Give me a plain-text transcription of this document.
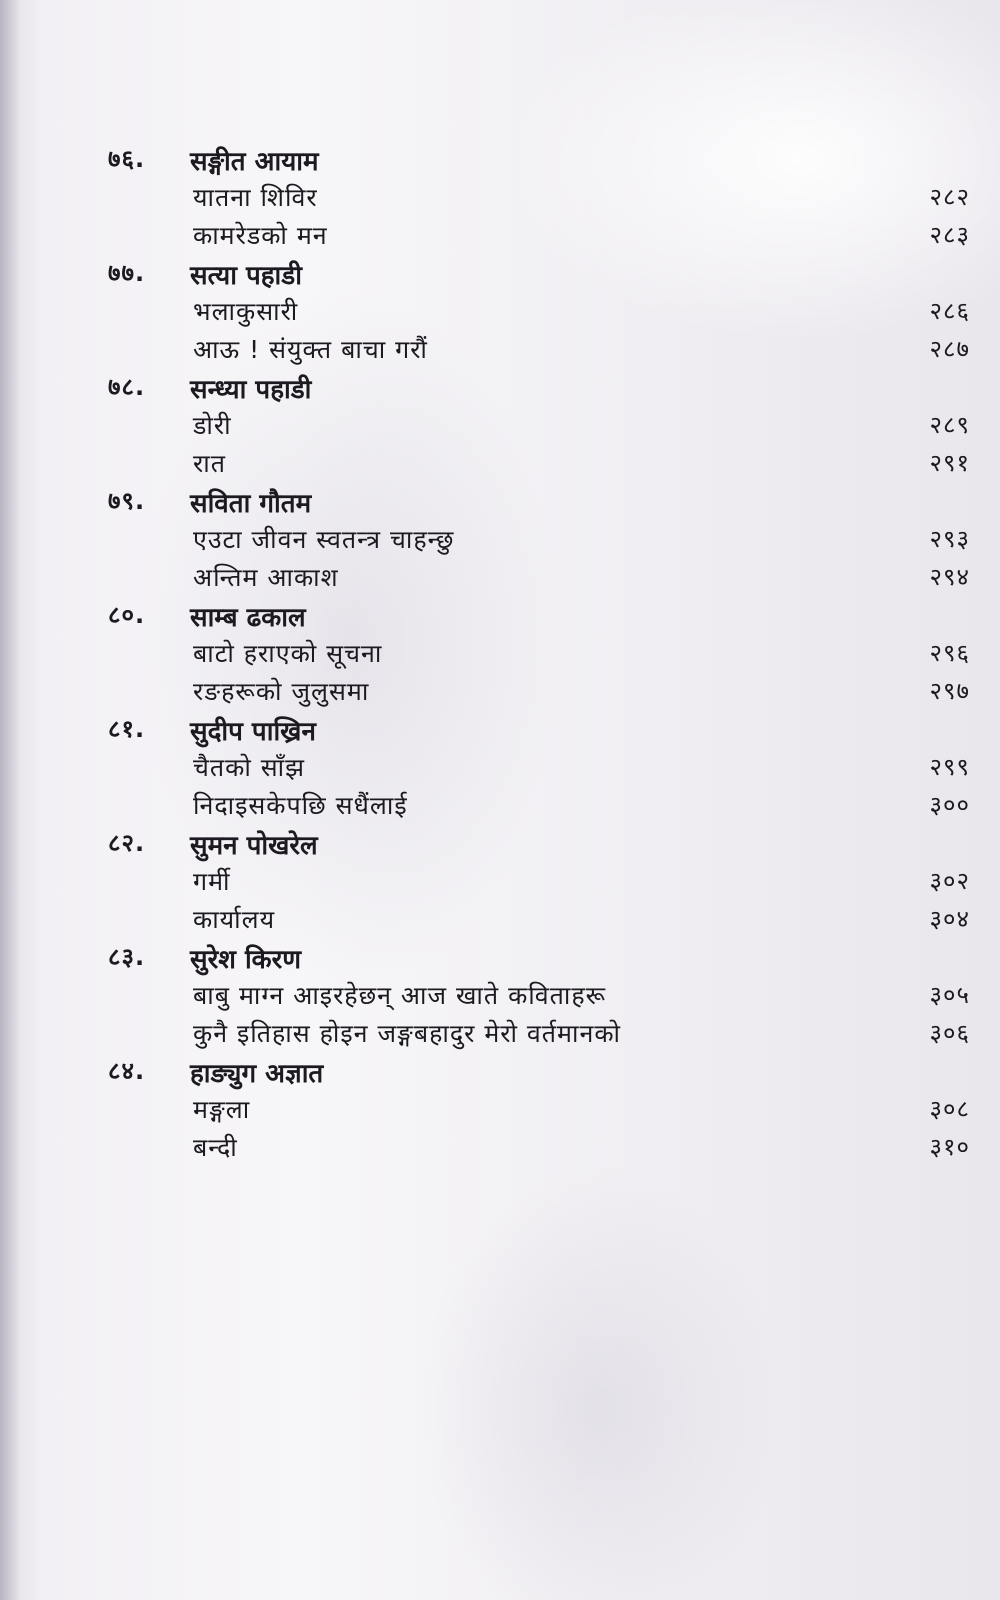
७६. सङ्गीत आयाम
यातना शिविर	२८२
कामरेडको मन	२८३
७७. सत्या पहाडी
भलाकुसारी	२८६
आऊ ! संयुक्त बाचा गरौं	२८७
७८. सन्ध्या पहाडी
डोरी	२८९
रात	२९१
७९. सविता गौतम
एउटा जीवन स्वतन्त्र चाहन्छु	२९३
अन्तिम आकाश	२९४
८०. साम्ब ढकाल
बाटो हराएको सूचना	२९६
रङहरूको जुलुसमा	२९७
८१. सुदीप पाख्रिन
चैतको साँझ	२९९
निदाइसकेपछि सधैंलाई	३००
८२. सुमन पोखरेल
गर्मी	३०२
कार्यालय	३०४
८३. सुरेश किरण
बाबु माग्न आइरहेछन् आज खाते कविताहरू	३०५
कुनै इतिहास होइन जङ्गबहादुर मेरो वर्तमानको	३०६
८४. हाङ्युग अज्ञात
मङ्गला	३०८
बन्दी	३१०
